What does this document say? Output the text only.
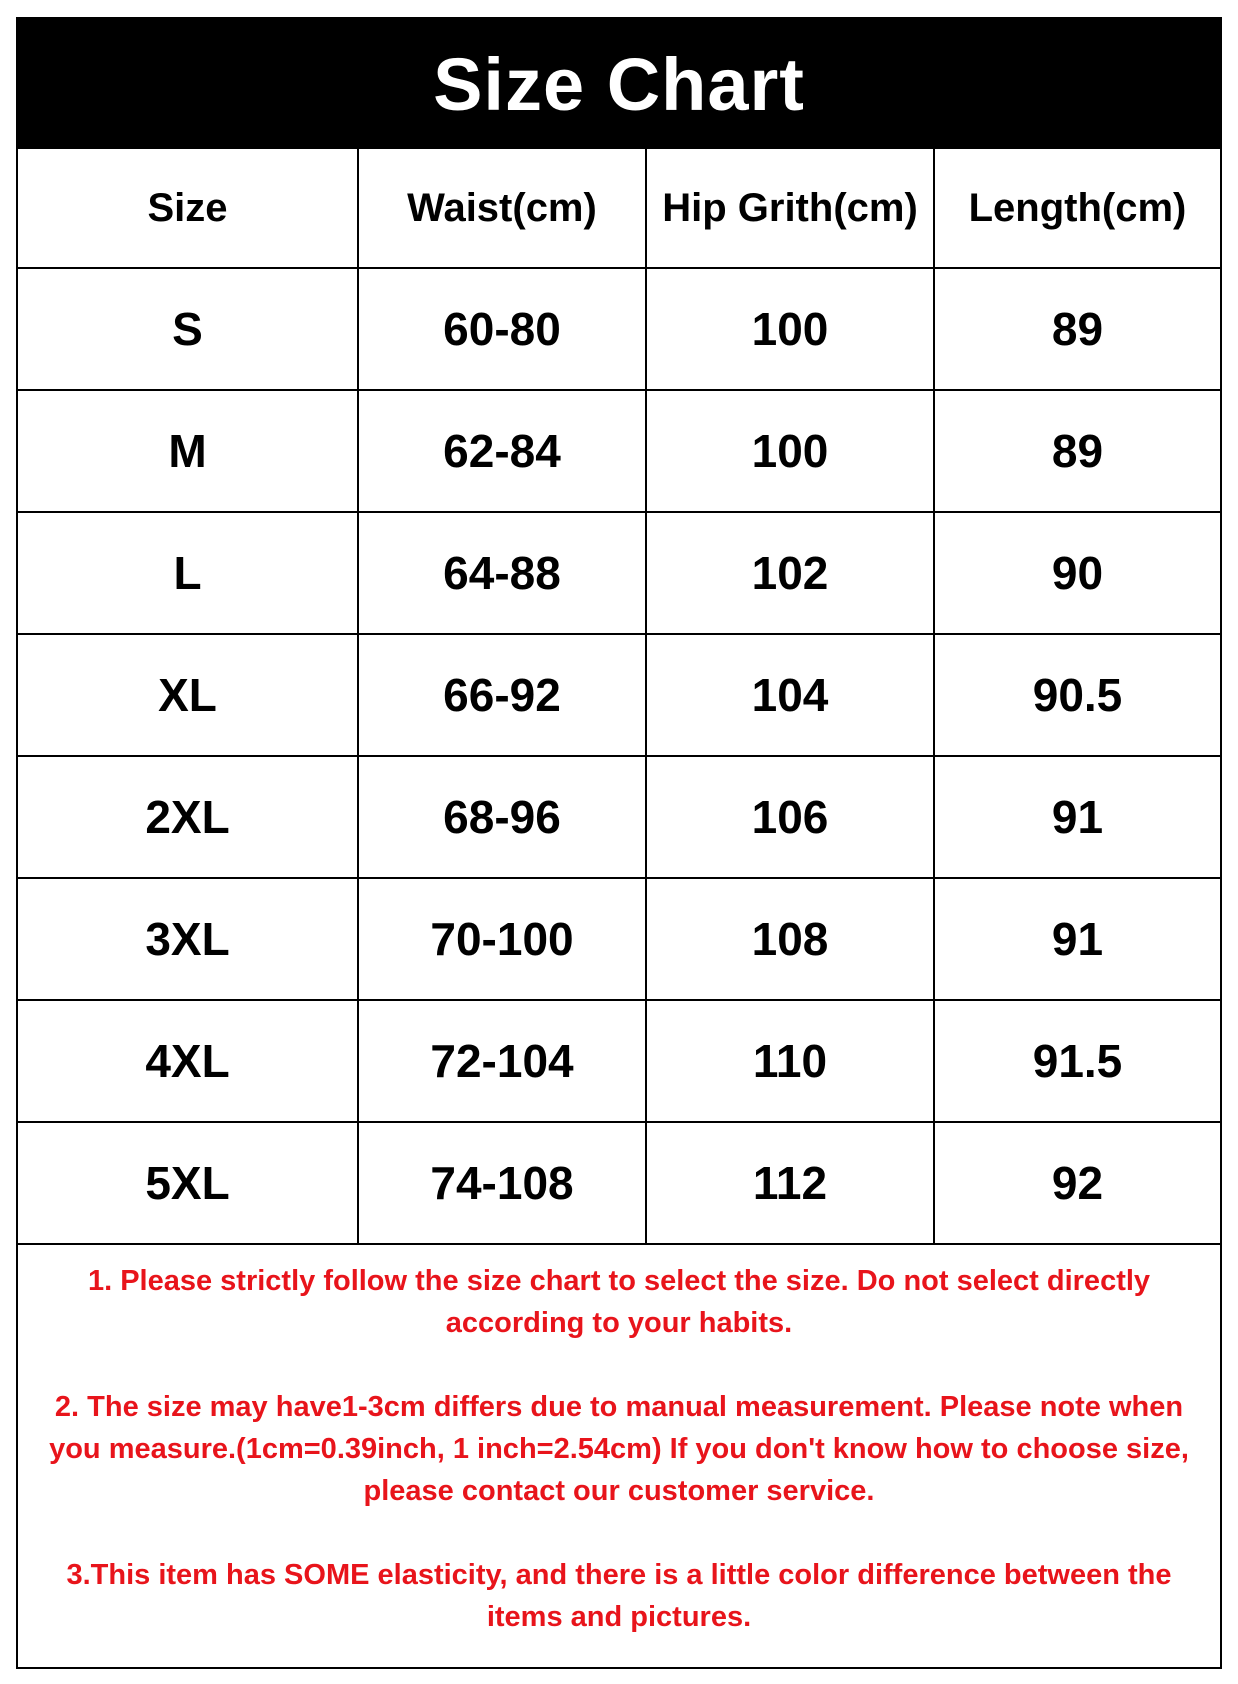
Size Chart
Size	Waist(cm)	Hip Grith(cm)	Length(cm)
S	60-80	100	89
M	62-84	100	89
L	64-88	102	90
XL	66-92	104	90.5
2XL	68-96	106	91
3XL	70-100	108	91
4XL	72-104	110	91.5
5XL	74-108	112	92

1. Please strictly follow the size chart to select the size. Do not select directly according to your habits.

2. The size may have1-3cm differs due to manual measurement. Please note when you measure.(1cm=0.39inch, 1 inch=2.54cm) If you don't know how to choose size, please contact our customer service.

3.This item has SOME elasticity, and there is a little color difference between the items and pictures.
